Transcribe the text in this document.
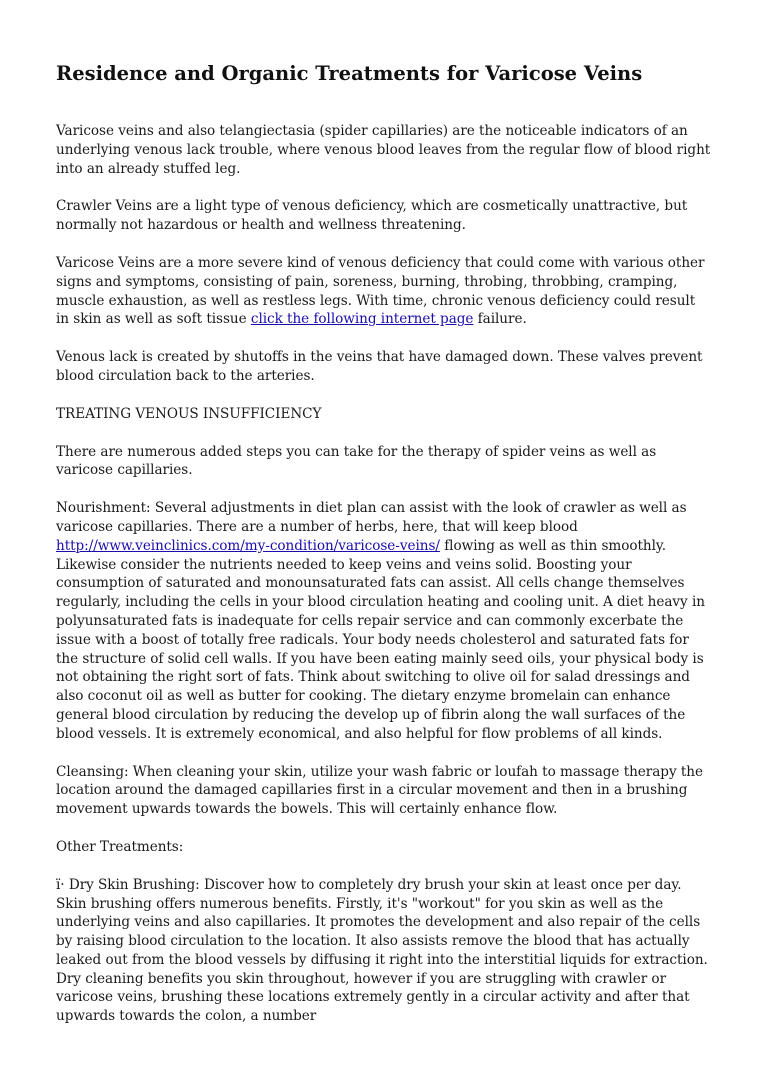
Residence and Organic Treatments for Varicose Veins

Varicose veins and also telangiectasia (spider capillaries) are the noticeable indicators of an underlying venous lack trouble, where venous blood leaves from the regular flow of blood right into an already stuffed leg.

Crawler Veins are a light type of venous deficiency, which are cosmetically unattractive, but normally not hazardous or health and wellness threatening.

Varicose Veins are a more severe kind of venous deficiency that could come with various other signs and symptoms, consisting of pain, soreness, burning, throbing, throbbing, cramping, muscle exhaustion, as well as restless legs. With time, chronic venous deficiency could result in skin as well as soft tissue click the following internet page failure.

Venous lack is created by shutoffs in the veins that have damaged down. These valves prevent blood circulation back to the arteries.

TREATING VENOUS INSUFFICIENCY

There are numerous added steps you can take for the therapy of spider veins as well as varicose capillaries.

Nourishment: Several adjustments in diet plan can assist with the look of crawler as well as varicose capillaries. There are a number of herbs, here, that will keep blood http://www.veinclinics.com/my-condition/varicose-veins/ flowing as well as thin smoothly. Likewise consider the nutrients needed to keep veins and veins solid. Boosting your consumption of saturated and monounsaturated fats can assist. All cells change themselves regularly, including the cells in your blood circulation heating and cooling unit. A diet heavy in polyunsaturated fats is inadequate for cells repair service and can commonly excerbate the issue with a boost of totally free radicals. Your body needs cholesterol and saturated fats for the structure of solid cell walls. If you have been eating mainly seed oils, your physical body is not obtaining the right sort of fats. Think about switching to olive oil for salad dressings and also coconut oil as well as butter for cooking. The dietary enzyme bromelain can enhance general blood circulation by reducing the develop up of fibrin along the wall surfaces of the blood vessels. It is extremely economical, and also helpful for flow problems of all kinds.

Cleansing: When cleaning your skin, utilize your wash fabric or loufah to massage therapy the location around the damaged capillaries first in a circular movement and then in a brushing movement upwards towards the bowels. This will certainly enhance flow.

Other Treatments:

ï· Dry Skin Brushing: Discover how to completely dry brush your skin at least once per day. Skin brushing offers numerous benefits. Firstly, it's "workout" for you skin as well as the underlying veins and also capillaries. It promotes the development and also repair of the cells by raising blood circulation to the location. It also assists remove the blood that has actually leaked out from the blood vessels by diffusing it right into the interstitial liquids for extraction. Dry cleaning benefits you skin throughout, however if you are struggling with crawler or varicose veins, brushing these locations extremely gently in a circular activity and after that upwards towards the colon, a number
